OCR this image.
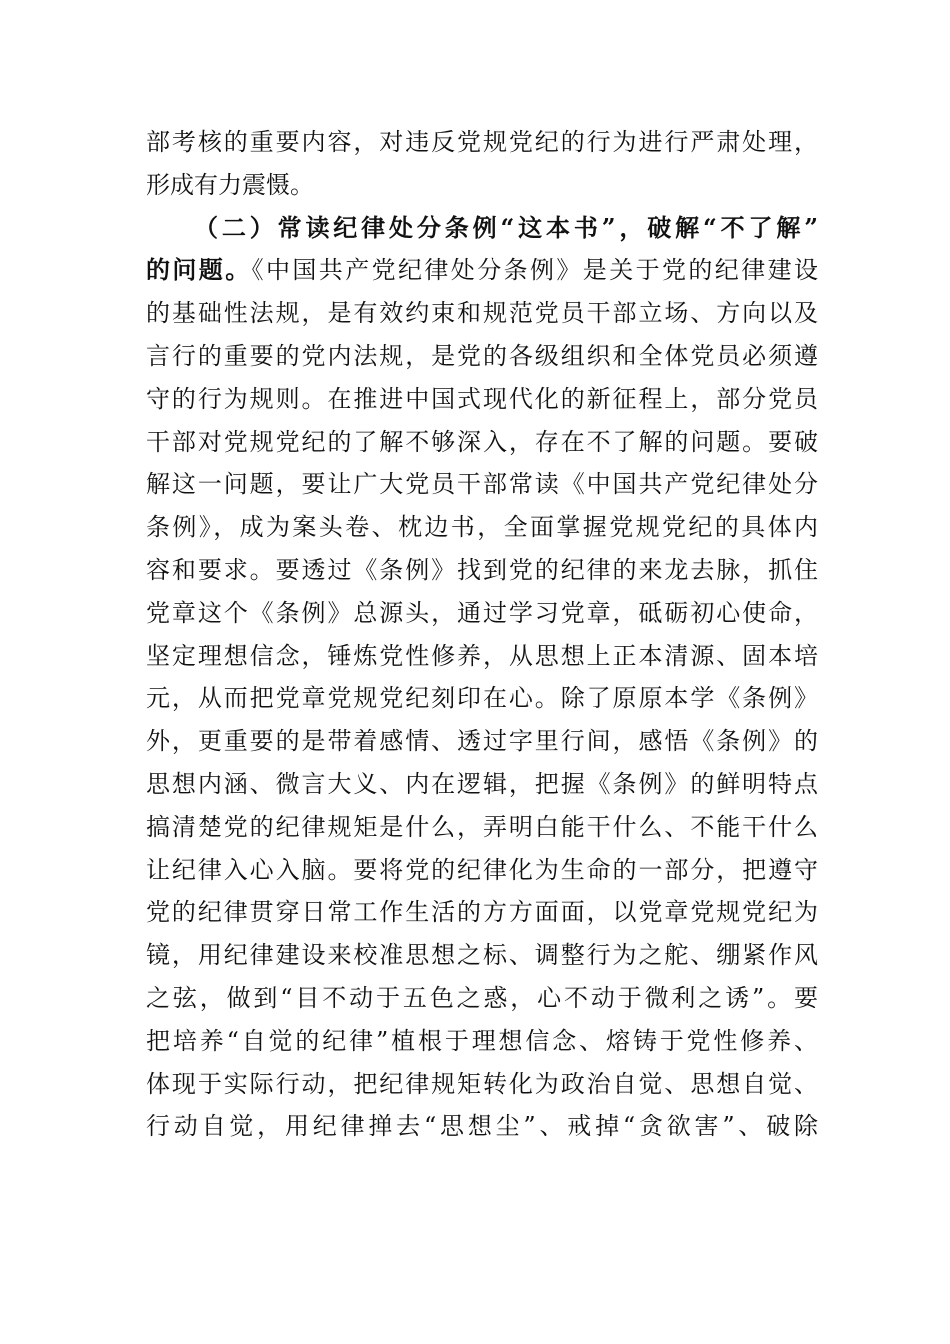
部考核的重要内容，对违反党规党纪的行为进行严肃处理，
形成有力震慑。
（二）常读纪律处分条例“这本书”，破解“不了解”
的问题。《中国共产党纪律处分条例》是关于党的纪律建设
的基础性法规，是有效约束和规范党员干部立场、方向以及
言行的重要的党内法规，是党的各级组织和全体党员必须遵
守的行为规则。在推进中国式现代化的新征程上，部分党员
干部对党规党纪的了解不够深入，存在不了解的问题。要破
解这一问题，要让广大党员干部常读《中国共产党纪律处分
条例》，成为案头卷、枕边书，全面掌握党规党纪的具体内
容和要求。要透过《条例》找到党的纪律的来龙去脉，抓住
党章这个《条例》总源头，通过学习党章，砥砺初心使命，
坚定理想信念，锤炼党性修养，从思想上正本清源、固本培
元，从而把党章党规党纪刻印在心。除了原原本学《条例》
外，更重要的是带着感情、透过字里行间，感悟《条例》的
思想内涵、微言大义、内在逻辑，把握《条例》的鲜明特点
搞清楚党的纪律规矩是什么，弄明白能干什么、不能干什么
让纪律入心入脑。要将党的纪律化为生命的一部分，把遵守
党的纪律贯穿日常工作生活的方方面面，以党章党规党纪为
镜，用纪律建设来校准思想之标、调整行为之舵、绷紧作风
之弦，做到“目不动于五色之惑，心不动于微利之诱”。要
把培养“自觉的纪律”植根于理想信念、熔铸于党性修养、
体现于实际行动，把纪律规矩转化为政治自觉、思想自觉、
行动自觉，用纪律掸去“思想尘”、戒掉“贪欲害”、破除
